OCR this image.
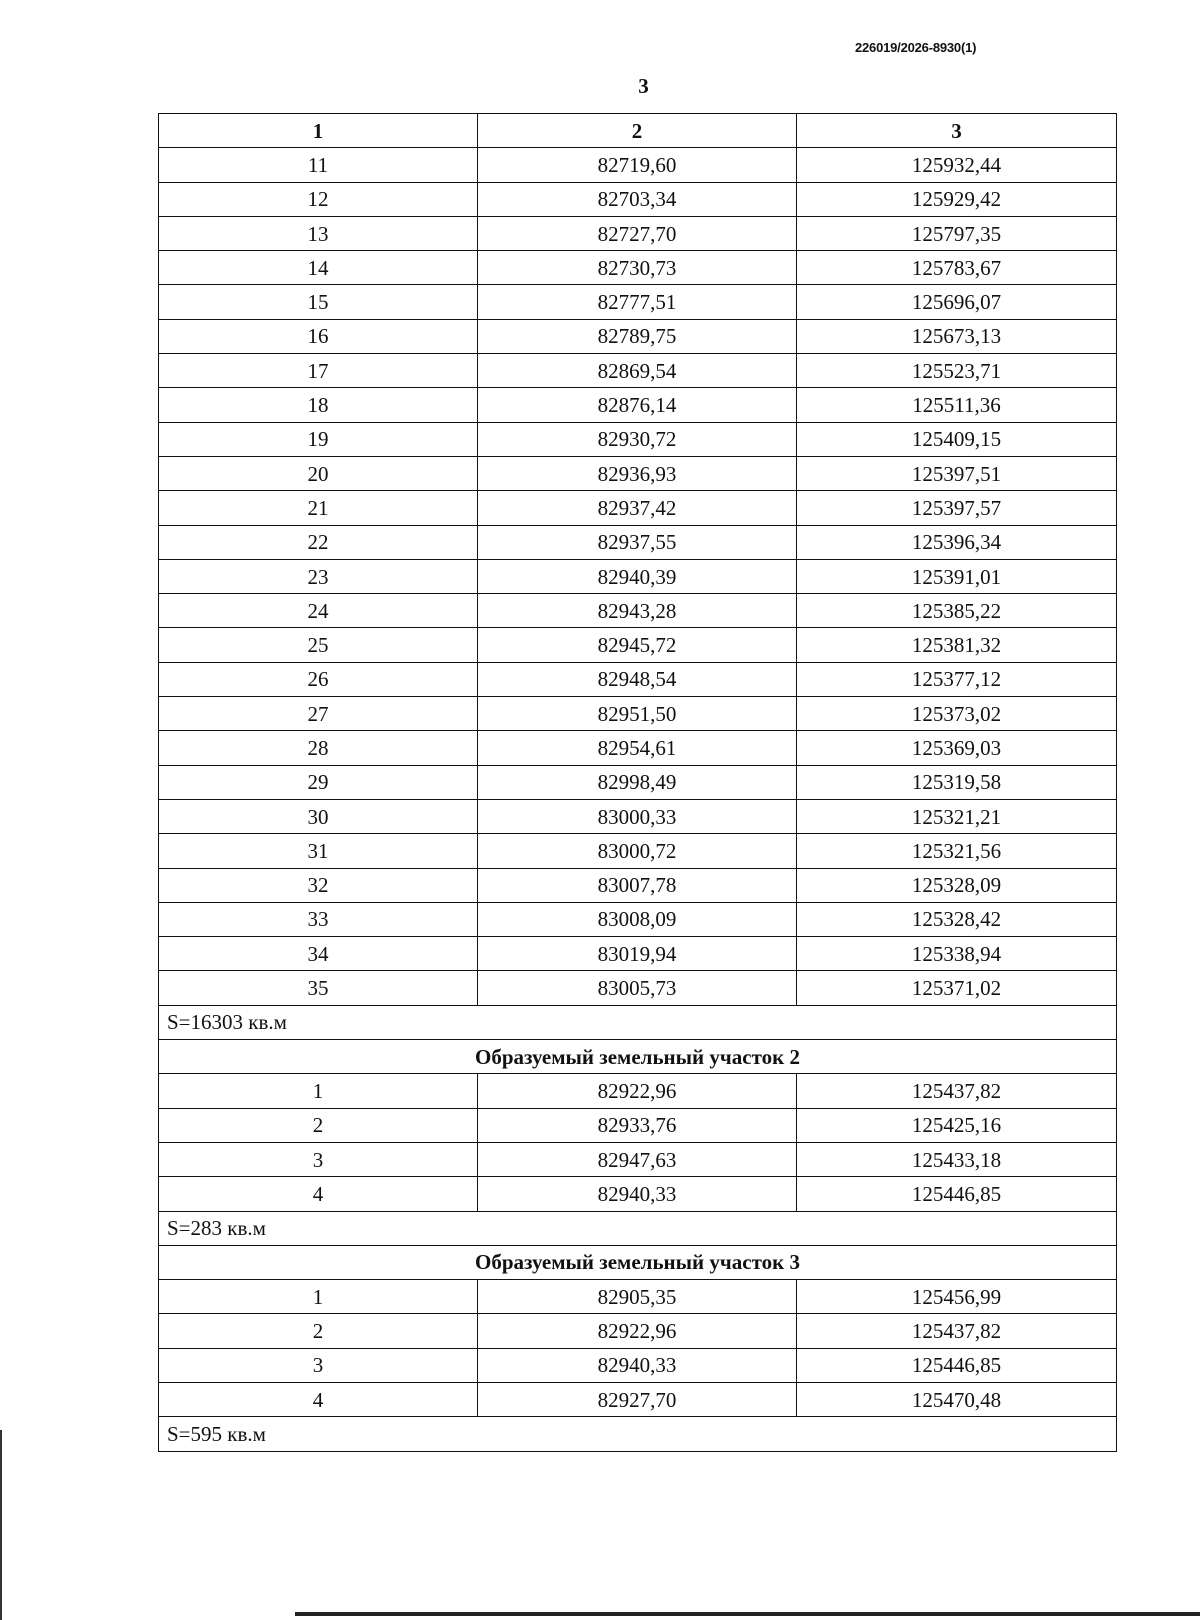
226019/2026-8930(1)
3
1	2	3
11	82719,60	125932,44
12	82703,34	125929,42
13	82727,70	125797,35
14	82730,73	125783,67
15	82777,51	125696,07
16	82789,75	125673,13
17	82869,54	125523,71
18	82876,14	125511,36
19	82930,72	125409,15
20	82936,93	125397,51
21	82937,42	125397,57
22	82937,55	125396,34
23	82940,39	125391,01
24	82943,28	125385,22
25	82945,72	125381,32
26	82948,54	125377,12
27	82951,50	125373,02
28	82954,61	125369,03
29	82998,49	125319,58
30	83000,33	125321,21
31	83000,72	125321,56
32	83007,78	125328,09
33	83008,09	125328,42
34	83019,94	125338,94
35	83005,73	125371,02
S=16303 кв.м		
Образуемый земельный участок 2		
1	82922,96	125437,82
2	82933,76	125425,16
3	82947,63	125433,18
4	82940,33	125446,85
S=283 кв.м		
Образуемый земельный участок 3		
1	82905,35	125456,99
2	82922,96	125437,82
3	82940,33	125446,85
4	82927,70	125470,48
S=595 кв.м		
